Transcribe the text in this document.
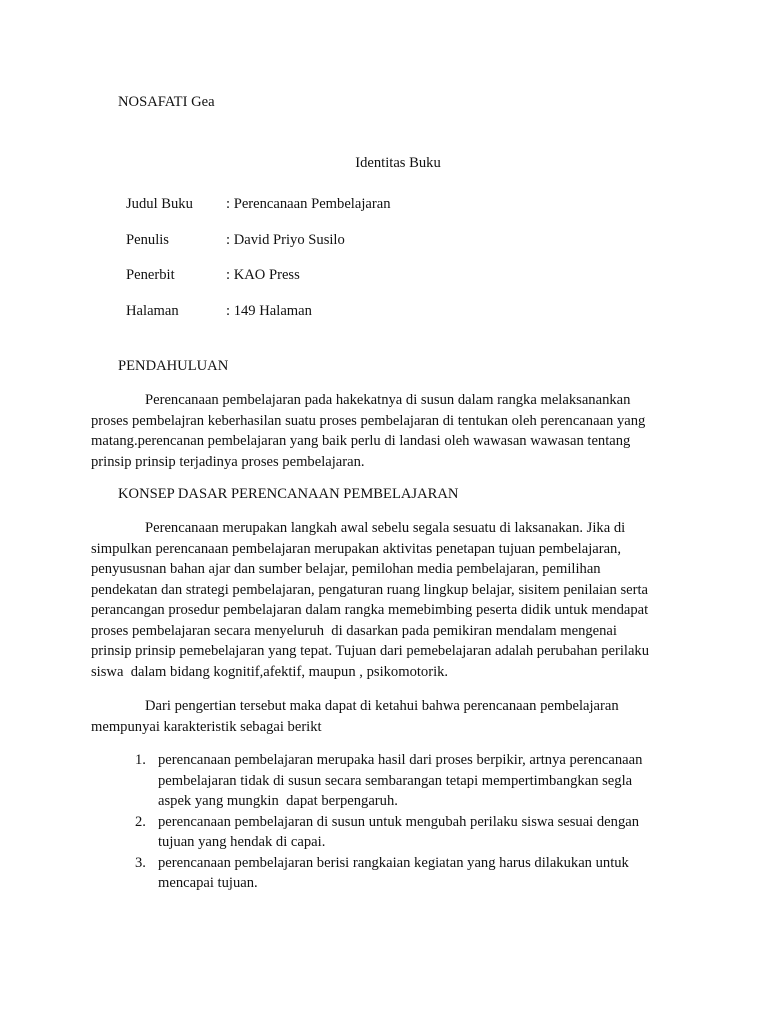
NOSAFATI Gea
Identitas Buku
Judul Buku	: Perencanaan Pembelajaran
Penulis	: David Priyo Susilo
Penerbit	: KAO Press
Halaman	: 149 Halaman
PENDAHULUAN

Perencanaan pembelajaran pada hakekatnya di susun dalam rangka melaksanankan
proses pembelajran keberhasilan suatu proses pembelajaran di tentukan oleh perencanaan yang
matang.perencanan pembelajaran yang baik perlu di landasi oleh wawasan wawasan tentang
prinsip prinsip terjadinya proses pembelajaran.

KONSEP DASAR PERENCANAAN PEMBELAJARAN

Perencanaan merupakan langkah awal sebelu segala sesuatu di laksanakan. Jika di
simpulkan perencanaan pembelajaran merupakan aktivitas penetapan tujuan pembelajaran,
penyususnan bahan ajar dan sumber belajar, pemilohan media pembelajaran, pemilihan
pendekatan dan strategi pembelajaran, pengaturan ruang lingkup belajar, sisitem penilaian serta
perancangan prosedur pembelajaran dalam rangka memebimbing peserta didik untuk mendapat
proses pembelajaran secara menyeluruh  di dasarkan pada pemikiran mendalam mengenai
prinsip prinsip pemebelajaran yang tepat. Tujuan dari pemebelajaran adalah perubahan perilaku
siswa  dalam bidang kognitif,afektif, maupun , psikomotorik.

Dari pengertian tersebut maka dapat di ketahui bahwa perencanaan pembelajaran
mempunyai karakteristik sebagai berikt

1. perencanaan pembelajaran merupaka hasil dari proses berpikir, artnya perencanaan
pembelajaran tidak di susun secara sembarangan tetapi mempertimbangkan segla
aspek yang mungkin  dapat berpengaruh.
2. perencanaan pembelajaran di susun untuk mengubah perilaku siswa sesuai dengan
tujuan yang hendak di capai.
3. perencanaan pembelajaran berisi rangkaian kegiatan yang harus dilakukan untuk
mencapai tujuan.
